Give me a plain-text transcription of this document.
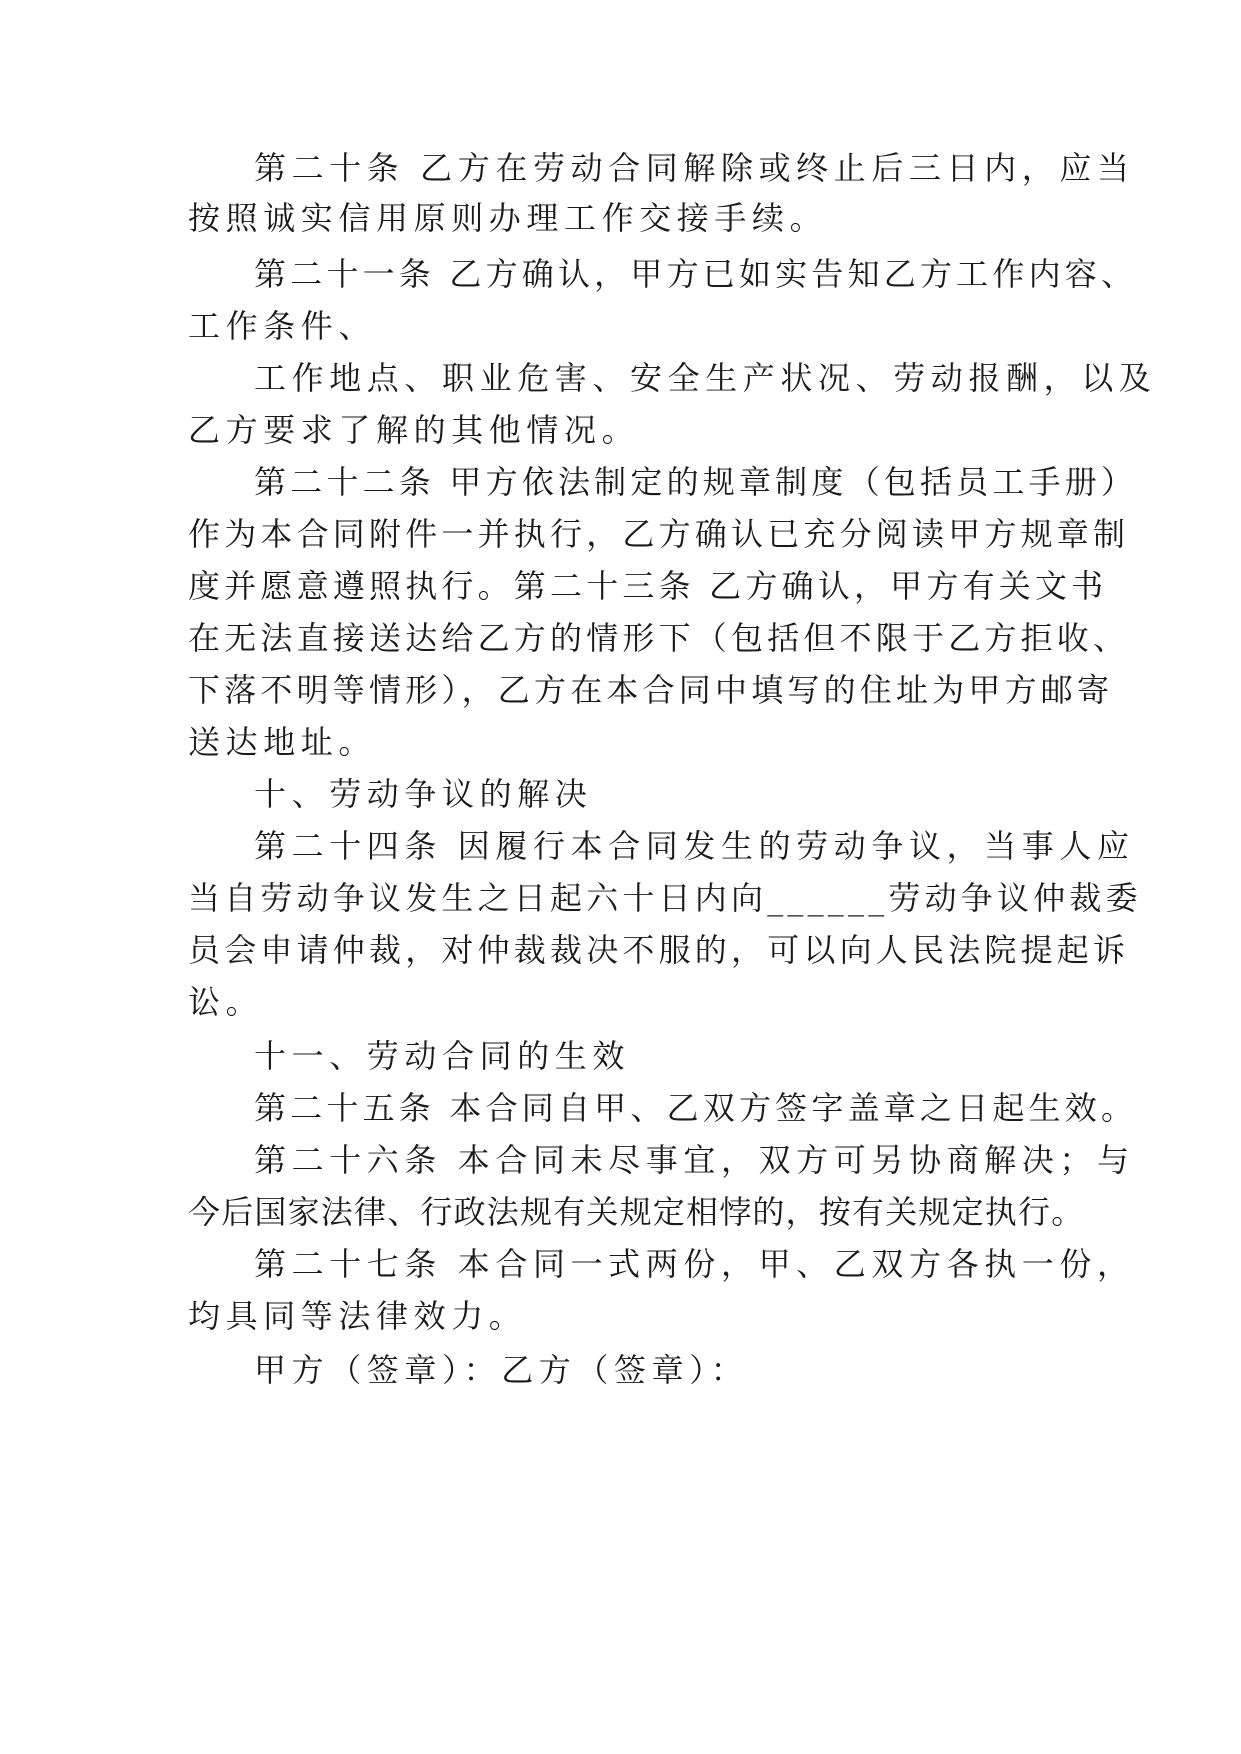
第二十条 乙方在劳动合同解除或终止后三日内，应当
按照诚实信用原则办理工作交接手续。
第二十一条 乙方确认，甲方已如实告知乙方工作内容、
工作条件、
工作地点、职业危害、安全生产状况、劳动报酬，以及
乙方要求了解的其他情况。
第二十二条 甲方依法制定的规章制度（包括员工手册）
作为本合同附件一并执行，乙方确认已充分阅读甲方规章制
度并愿意遵照执行。第二十三条 乙方确认，甲方有关文书
在无法直接送达给乙方的情形下（包括但不限于乙方拒收、
下落不明等情形），乙方在本合同中填写的住址为甲方邮寄
送达地址。
十、劳动争议的解决
第二十四条 因履行本合同发生的劳动争议，当事人应
当自劳动争议发生之日起六十日内向______劳动争议仲裁委
员会申请仲裁，对仲裁裁决不服的，可以向人民法院提起诉
讼。
十一、劳动合同的生效
第二十五条 本合同自甲、乙双方签字盖章之日起生效。
第二十六条 本合同未尽事宜，双方可另协商解决；与
今后国家法律、行政法规有关规定相悖的，按有关规定执行。
第二十七条 本合同一式两份，甲、乙双方各执一份，
均具同等法律效力。
甲方（签章）：乙方（签章）：
